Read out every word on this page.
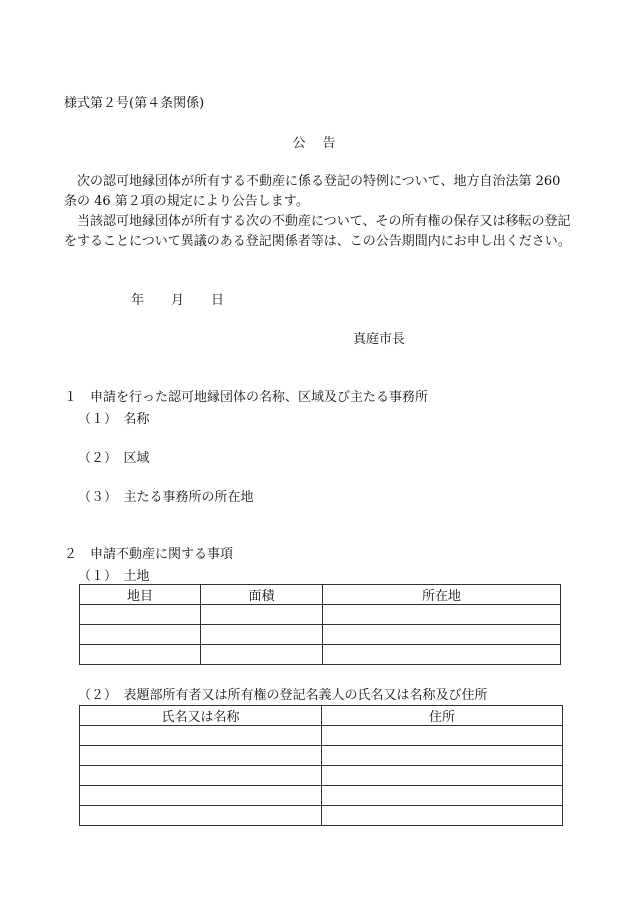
様式第２号(第４条関係)
公　告
　次の認可地縁団体が所有する不動産に係る登記の特例について、地方自治法第 260 条の 46 第２項の規定により公告します。
　当該認可地縁団体が所有する次の不動産について、その所有権の保存又は移転の登記をすることについて異議のある登記関係者等は、この公告期間内にお申し出ください。
年 月 日
真庭市長
１　申請を行った認可地縁団体の名称、区域及び主たる事務所
（１）　名称
（２）　区域
（３）　主たる事務所の所在地
２　申請不動産に関する事項
（１）　土地
地目	面積	所在地

（２）　表題部所有者又は所有権の登記名義人の氏名又は名称及び住所
氏名又は名称	住所
